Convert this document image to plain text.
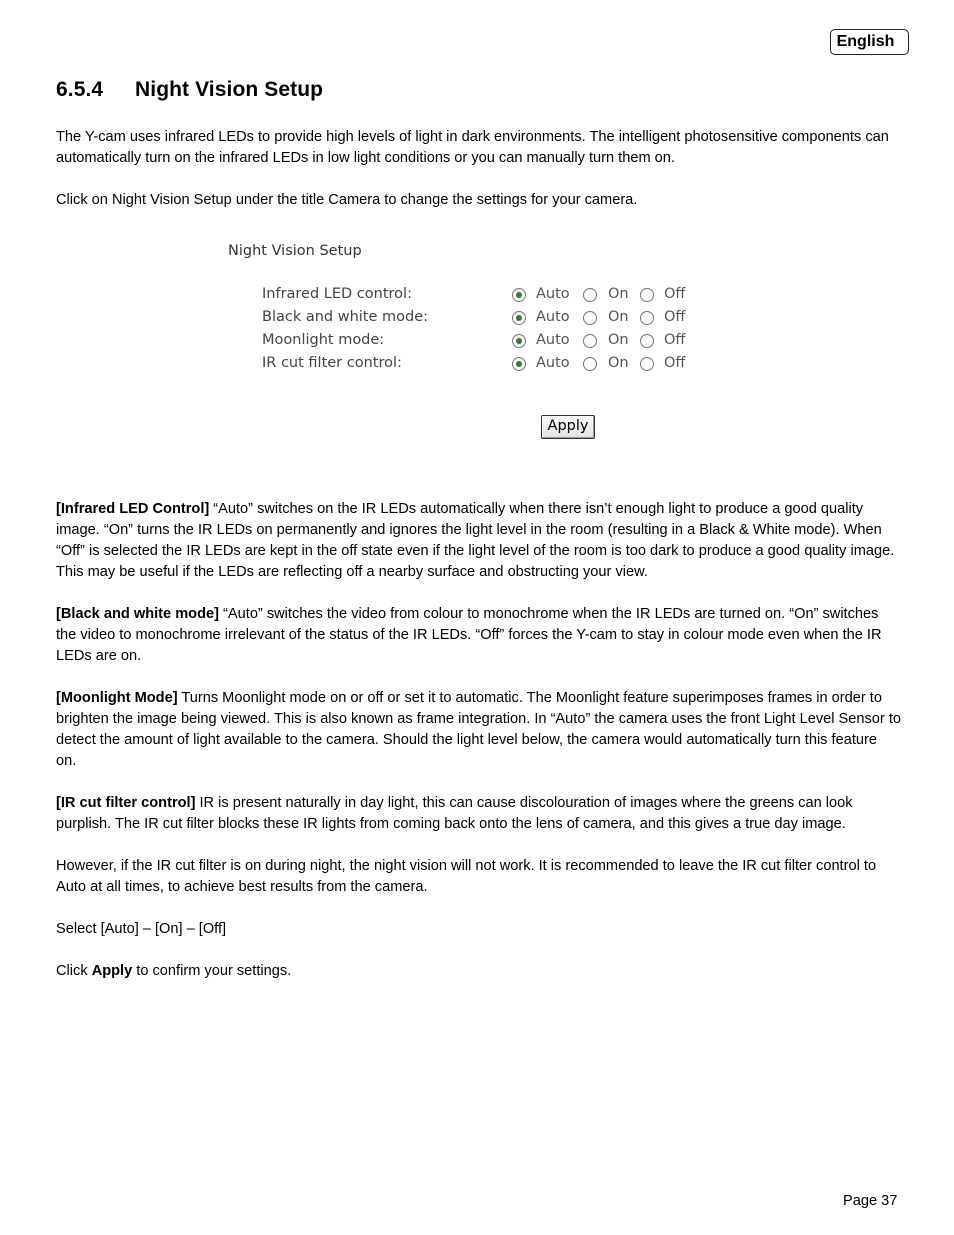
English
6.5.4 Night Vision Setup

The Y-cam uses infrared LEDs to provide high levels of light in dark environments. The intelligent photosensitive components can automatically turn on the infrared LEDs in low light conditions or you can manually turn them on.

Click on Night Vision Setup under the title Camera to change the settings for your camera.

Night Vision Setup
Infrared LED control:	Auto	On Off
Black and white mode:	Auto	On Off
Moonlight mode:	Auto	On Off
IR cut filter control:	Auto	On Off
Apply

[Infrared LED Control] “Auto” switches on the IR LEDs automatically when there isn’t enough light to produce a good quality image. “On” turns the IR LEDs on permanently and ignores the light level in the room (resulting in a Black & White mode). When “Off” is selected the IR LEDs are kept in the off state even if the light level of the room is too dark to produce a good quality image. This may be useful if the LEDs are reflecting off a nearby surface and obstructing your view.

[Black and white mode] “Auto” switches the video from colour to monochrome when the IR LEDs are turned on. “On” switches the video to monochrome irrelevant of the status of the IR LEDs. “Off” forces the Y-cam to stay in colour mode even when the IR LEDs are on.

[Moonlight Mode] Turns Moonlight mode on or off or set it to automatic. The Moonlight feature superimposes frames in order to brighten the image being viewed. This is also known as frame integration. In “Auto” the camera uses the front Light Level Sensor to detect the amount of light available to the camera. Should the light level below, the camera would automatically turn this feature on.

[IR cut filter control] IR is present naturally in day light, this can cause discolouration of images where the greens can look purplish. The IR cut filter blocks these IR lights from coming back onto the lens of camera, and this gives a true day image.

However, if the IR cut filter is on during night, the night vision will not work. It is recommended to leave the IR cut filter control to Auto at all times, to achieve best results from the camera.

Select [Auto] – [On] – [Off]

Click Apply to confirm your settings.

Page 37
